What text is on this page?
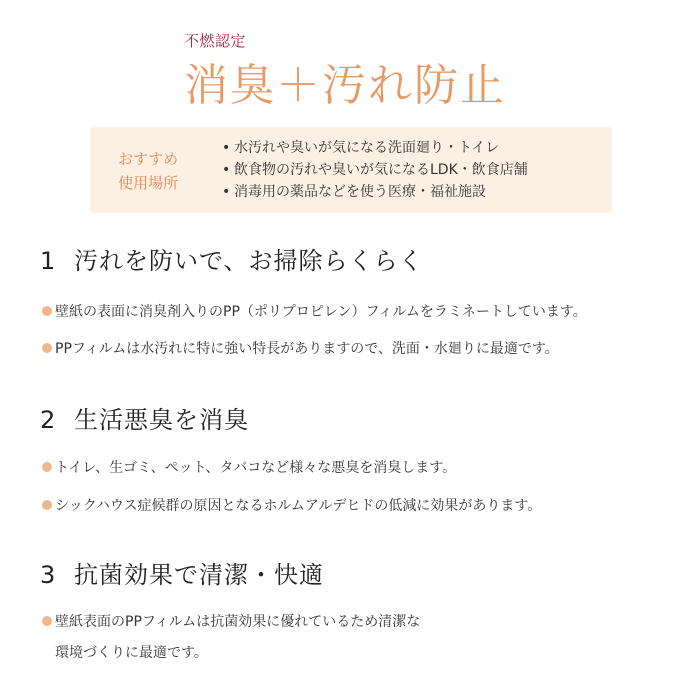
不燃認定
消臭＋汚れ防止
おすすめ
使用場所
• 水汚れや臭いが気になる洗面廻り・トイレ
• 飲食物の汚れや臭いが気になるLDK・飲食店舗
• 消毒用の薬品などを使う医療・福祉施設
1 汚れを防いで、お掃除らくらく
壁紙の表面に消臭剤入りのPP（ポリプロピレン）フィルムをラミネートしています。
PPフィルムは水汚れに特に強い特長がありますので、洗面・水廻りに最適です。
2 生活悪臭を消臭
トイレ、生ゴミ、ペット、タバコなど様々な悪臭を消臭します。
シックハウス症候群の原因となるホルムアルデヒドの低減に効果があります。
3 抗菌効果で清潔・快適
壁紙表面のPPフィルムは抗菌効果に優れているため清潔な
環境づくりに最適です。
